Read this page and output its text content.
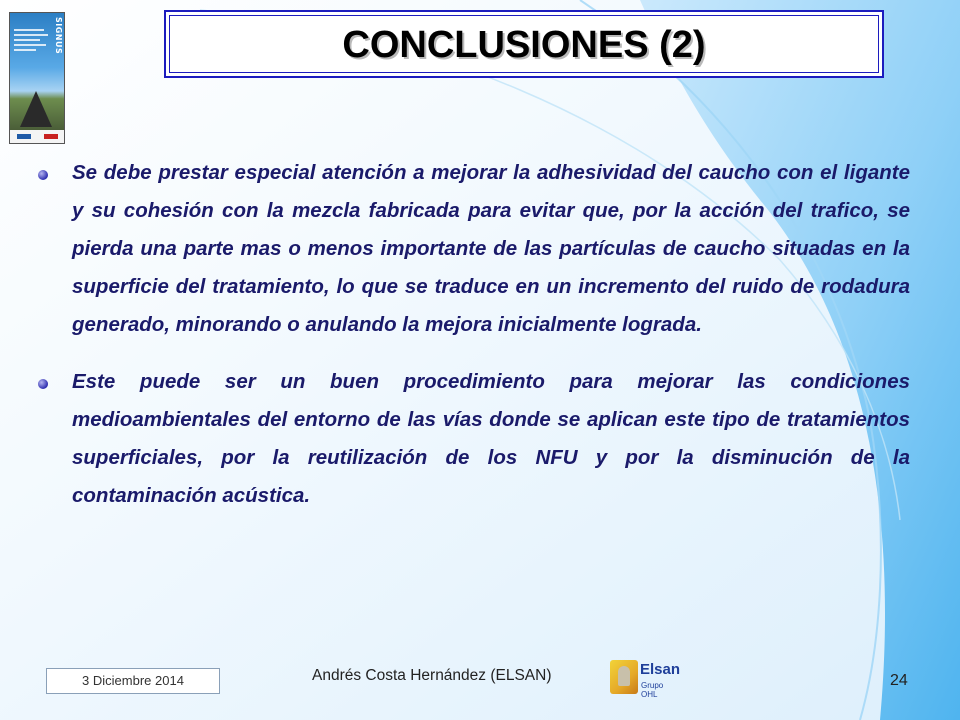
SIGNUS	CONCLUSIONES (2)

Se debe prestar especial atención a mejorar la adhesividad del caucho con el ligante y su cohesión con la mezcla fabricada para evitar que, por la acción del trafico, se pierda una parte mas o menos importante de las partículas de caucho situadas en la superficie del tratamiento, lo que se traduce en un incremento del ruido de rodadura generado, minorando o anulando la mejora inicialmente lograda.

Este puede ser un buen procedimiento para mejorar las condiciones medioambientales del entorno de las vías donde se aplican este tipo de tratamientos superficiales, por la reutilización de los NFU y por la disminución de la contaminación acústica.

3 Diciembre 2014	Andrés Costa Hernández (ELSAN)	Elsan
Grupo OHL
24
